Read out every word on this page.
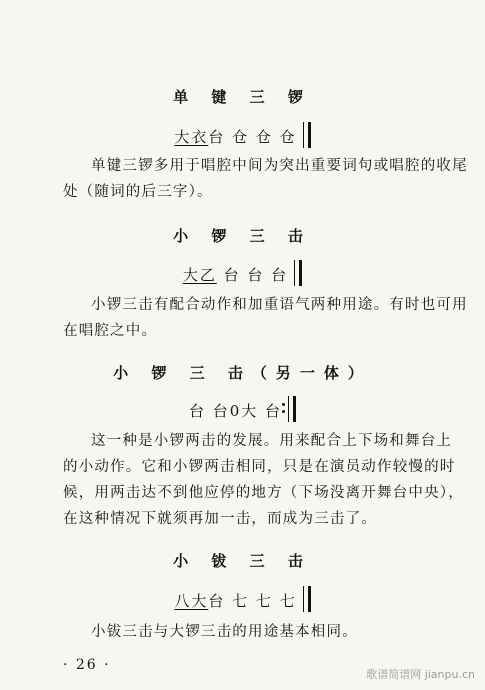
单 键 三 锣
大衣台 仓 仓 仓
单键三锣多用于唱腔中间为突出重要词句或唱腔的收尾
处（随词的后三字）。
小 锣 三 击
大乙 台 台 台
小锣三击有配合动作和加重语气两种用途。有时也可用
在唱腔之中。
小 锣 三 击（另一体）
台 台0大 台
这一种是小锣两击的发展。用来配合上下场和舞台上
的小动作。它和小锣两击相同，只是在演员动作较慢的时
候，用两击达不到他应停的地方（下场没离开舞台中央），
在这种情况下就须再加一击，而成为三击了。
小 钹 三 击
八大台 七 七 七
小钹三击与大锣三击的用途基本相同。
· 26 ·
歌谱简谱网 jianpu.cn
